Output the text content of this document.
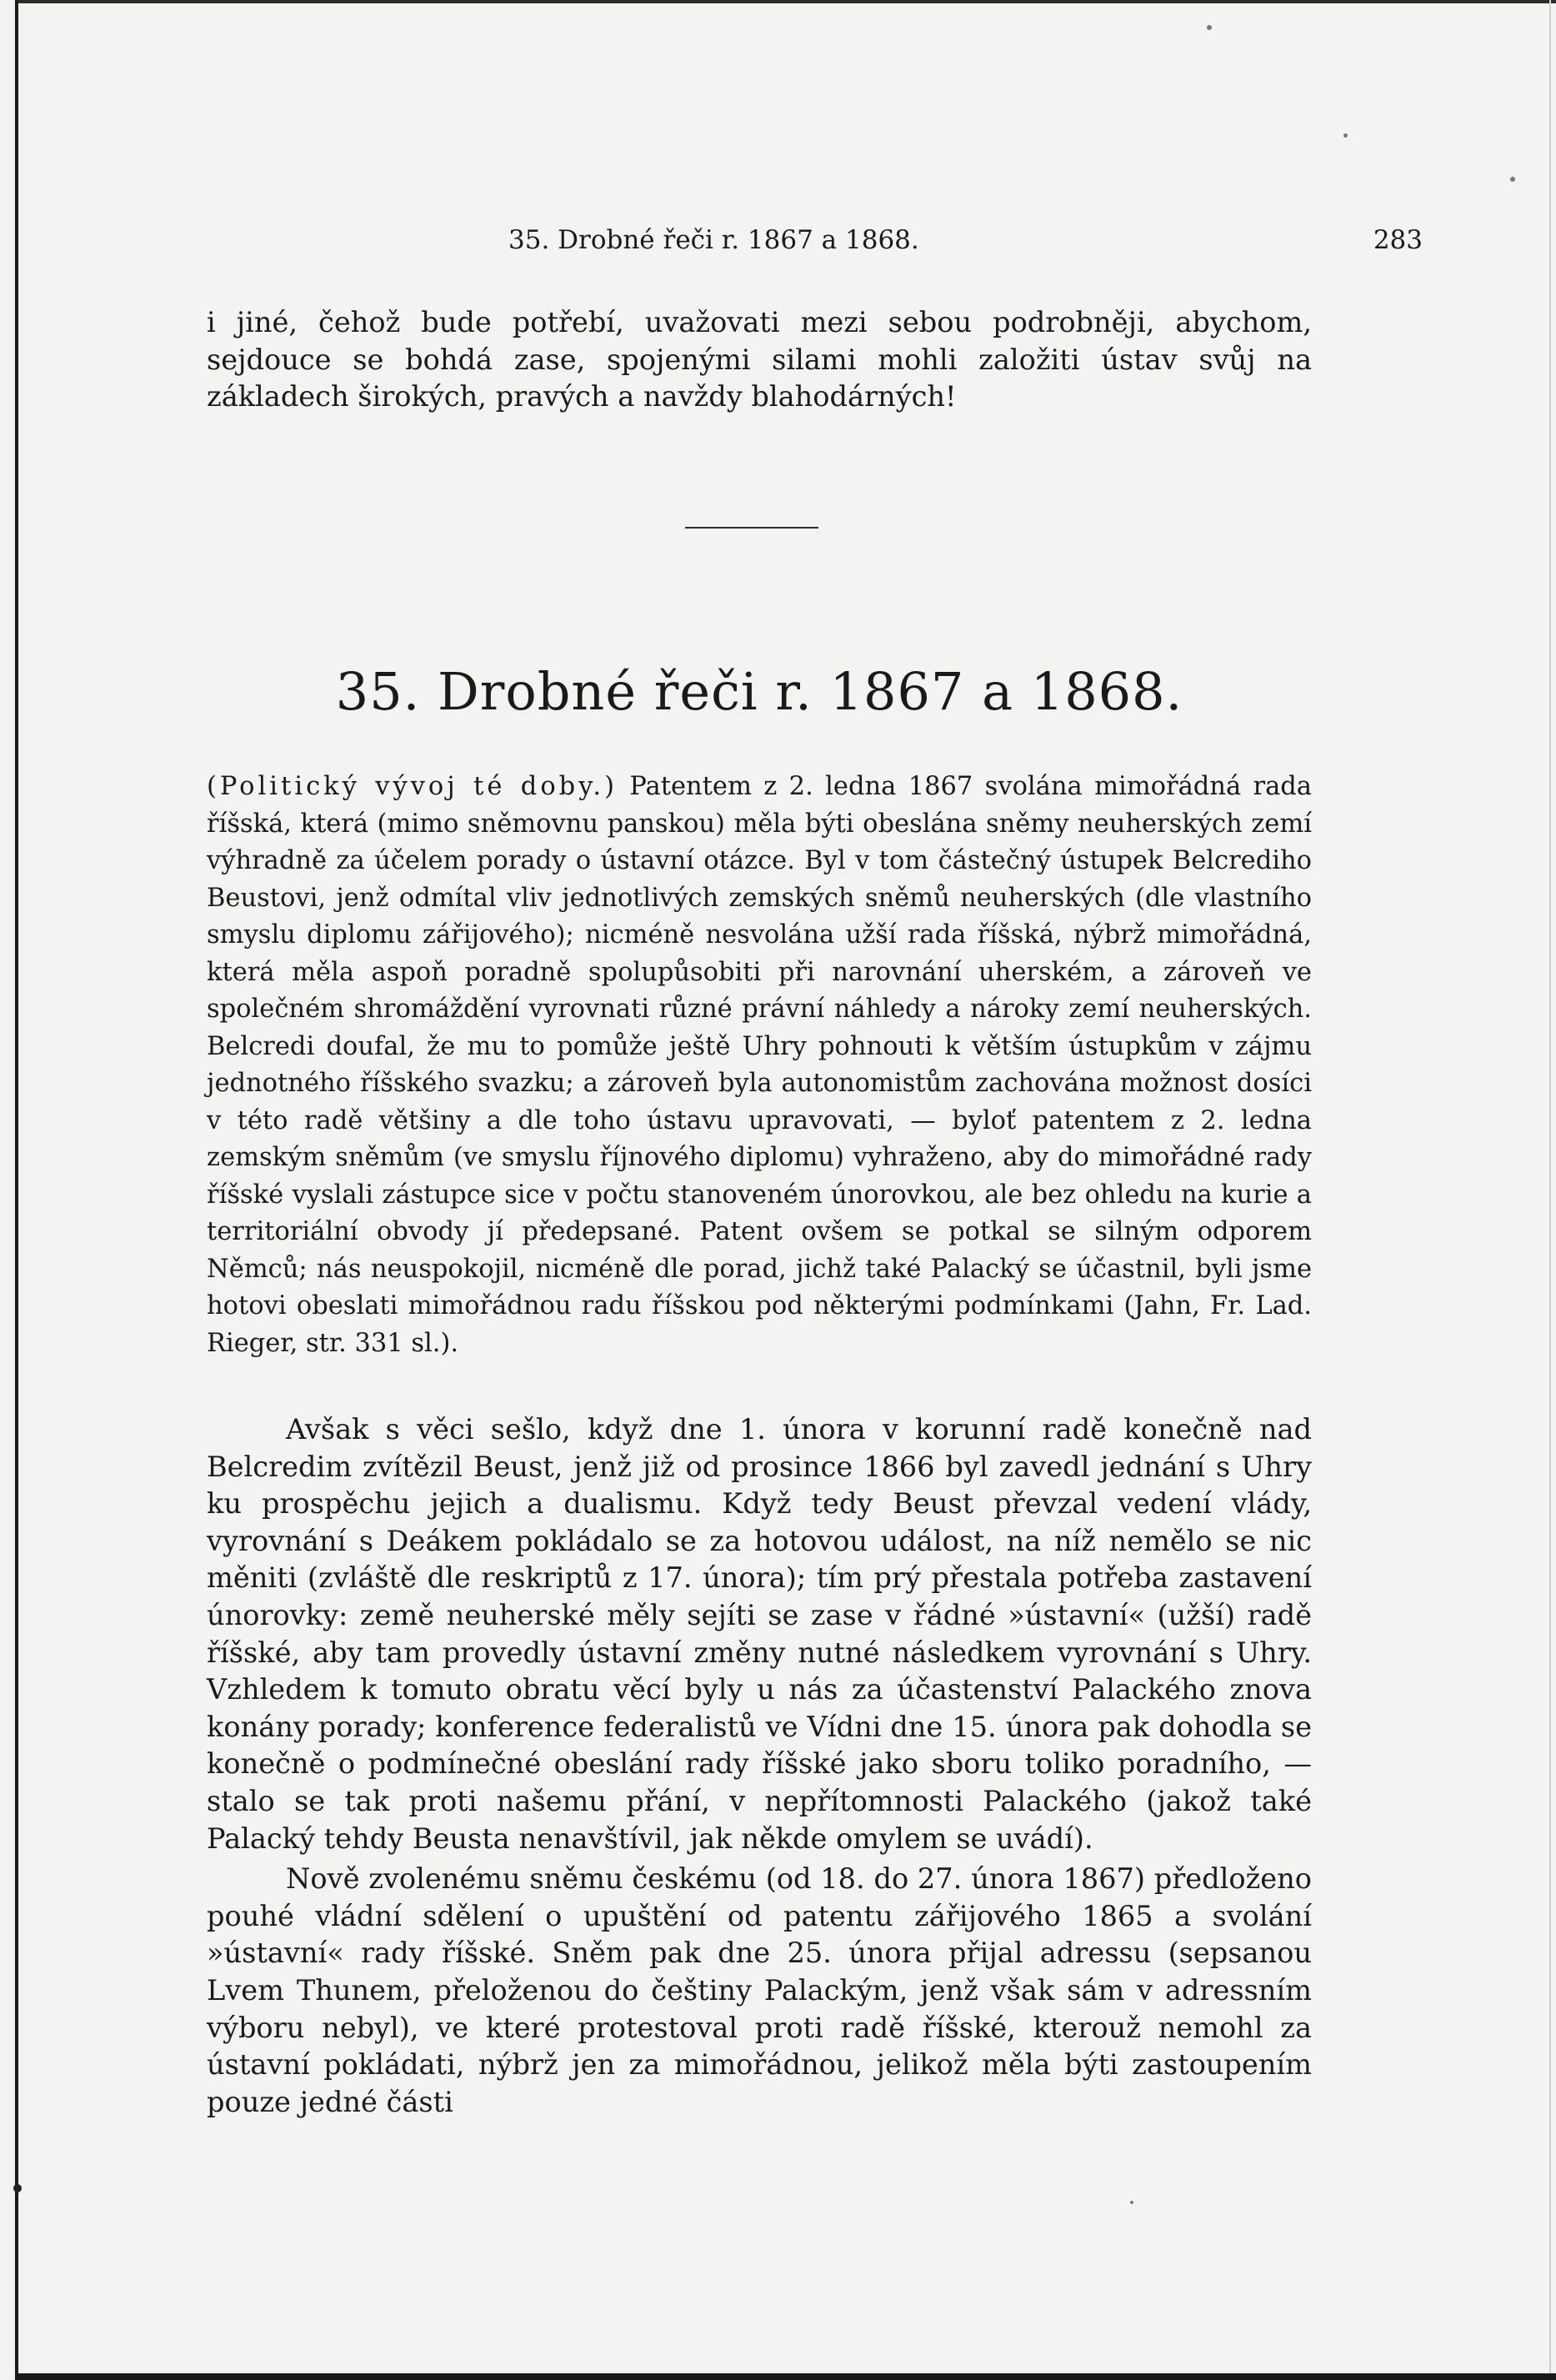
35. Drobné řeči r. 1867 a 1868.	283

i jiné, čehož bude potřebí, uvažovati mezi sebou podrobněji, abychom, sejdouce se bohdá zase, spojenými silami mohli založiti ústav svůj na základech širokých, pravých a navždy blahodárných!

35. Drobné řeči r. 1867 a 1868.

(Politický vývoj té doby.) Patentem z 2. ledna 1867 svolána mimořádná rada říšská, která (mimo sněmovnu panskou) měla býti obeslána sněmy neuherských zemí výhradně za účelem porady o ústavní otázce. Byl v tom částečný ústupek Belcrediho Beustovi, jenž odmítal vliv jednotlivých zemských sněmů neuherských (dle vlastního smyslu diplomu zářijového); nicméně nesvolána užší rada říšská, nýbrž mimořádná, která měla aspoň poradně spolupůsobiti při narovnání uherském, a zároveň ve společném shromáždění vyrovnati různé právní náhledy a nároky zemí neuherských. Belcredi doufal, že mu to pomůže ještě Uhry pohnouti k větším ústupkům v zájmu jednotného říšského svazku; a zároveň byla autonomistům zachována možnost dosíci v této radě většiny a dle toho ústavu upravovati, — byloť patentem z 2. ledna zemským sněmům (ve smyslu říjnového diplomu) vyhraženo, aby do mimořádné rady říšské vyslali zástupce sice v počtu stanoveném únorovkou, ale bez ohledu na kurie a territoriální obvody jí předepsané. Patent ovšem se potkal se silným odporem Němců; nás neuspokojil, nicméně dle porad, jichž také Palacký se účastnil, byli jsme hotovi obeslati mimořádnou radu říšskou pod některými podmínkami (Jahn, Fr. Lad. Rieger, str. 331 sl.).

Avšak s věci sešlo, když dne 1. února v korunní radě konečně nad Belcredim zvítězil Beust, jenž již od prosince 1866 byl zavedl jednání s Uhry ku prospěchu jejich a dualismu. Když tedy Beust převzal vedení vlády, vyrovnání s Deákem pokládalo se za hotovou událost, na níž nemělo se nic měniti (zvláště dle reskriptů z 17. února); tím prý přestala potřeba zastavení únorovky: země neuherské měly sejíti se zase v řádné »ústavní« (užší) radě říšské, aby tam provedly ústavní změny nutné následkem vyrovnání s Uhry. Vzhledem k tomuto obratu věcí byly u nás za účastenství Palackého znova konány porady; konference federalistů ve Vídni dne 15. února pak dohodla se konečně o podmínečné obeslání rady říšské jako sboru toliko poradního, — stalo se tak proti našemu přání, v nepřítomnosti Palackého (jakož také Palacký tehdy Beusta nenavštívil, jak někde omylem se uvádí).

Nově zvolenému sněmu českému (od 18. do 27. února 1867) předloženo pouhé vládní sdělení o upuštění od patentu zářijového 1865 a svolání »ústavní« rady říšské. Sněm pak dne 25. února přijal adressu (sepsanou Lvem Thunem, přeloženou do češtiny Palackým, jenž však sám v adressním výboru nebyl), ve které protestoval proti radě říšské, kterouž nemohl za ústavní pokládati, nýbrž jen za mimořádnou, jelikož měla býti zastoupením pouze jedné části
